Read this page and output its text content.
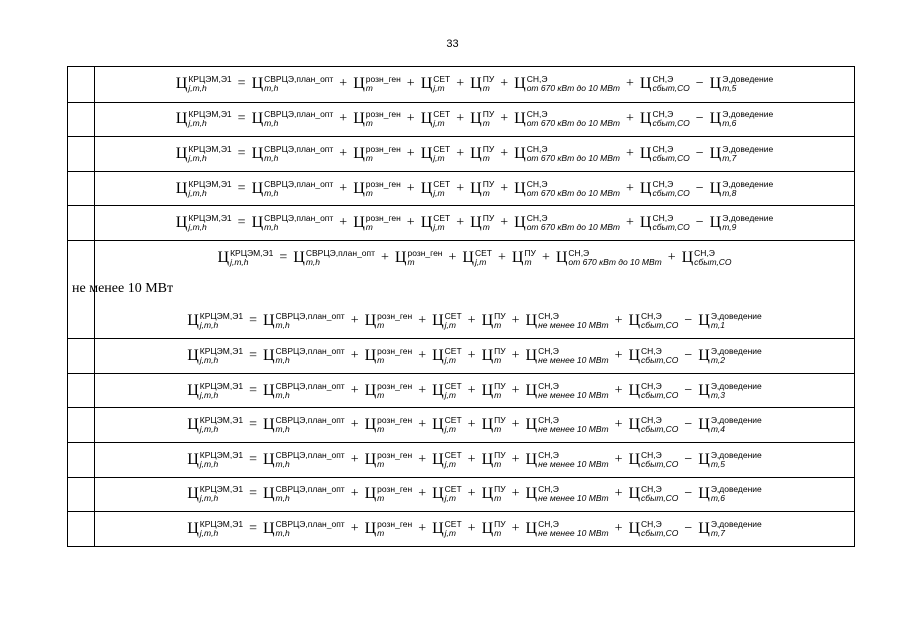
33
Ц КРЦЭМ,Э1
j,m,h	= Ц СВРЦЭ,план_опт
m,h	+ Ц розн_ген
m	+ Ц СЕТ
j,m + Ц ПУ
m + Ц СН,Э
от 670 кВт до 10 МВт + Ц СН,Э
сбыт,СО − Ц Э,доведение
m,5
Ц КРЦЭМ,Э1
j,m,h	= Ц СВРЦЭ,план_опт
m,h	+ Ц розн_ген
m	+ Ц СЕТ
j,m + Ц ПУ
m + Ц СН,Э
от 670 кВт до 10 МВт + Ц СН,Э
сбыт,СО − Ц Э,доведение
m,6
Ц КРЦЭМ,Э1
j,m,h	= Ц СВРЦЭ,план_опт
m,h	+ Ц розн_ген
m	+ Ц СЕТ
j,m + Ц ПУ
m + Ц СН,Э
от 670 кВт до 10 МВт + Ц СН,Э
сбыт,СО − Ц Э,доведение
m,7
Ц КРЦЭМ,Э1
j,m,h	= Ц СВРЦЭ,план_опт
m,h	+ Ц розн_ген
m	+ Ц СЕТ
j,m + Ц ПУ
m + Ц СН,Э
от 670 кВт до 10 МВт + Ц СН,Э
сбыт,СО − Ц Э,доведение
m,8
Ц КРЦЭМ,Э1
j,m,h	= Ц СВРЦЭ,план_опт
m,h	+ Ц розн_ген
m	+ Ц СЕТ
j,m + Ц ПУ
m + Ц СН,Э
от 670 кВт до 10 МВт + Ц СН,Э
сбыт,СО − Ц Э,доведение
m,9
Ц КРЦЭМ,Э1
j,m,h	= Ц СВРЦЭ,план_опт
m,h	+ Ц розн_ген
m	+ Ц СЕТ
j,m + Ц ПУ
m + Ц СН,Э
от 670 кВт до 10 МВт + Ц СН,Э
сбыт,СО
не менее 10 МВт
Ц КРЦЭМ,Э1
j,m,h	= Ц СВРЦЭ,план_опт
m,h	+ Ц розн_ген
m	+ Ц СЕТ
j,m + Ц ПУ
m + Ц СН,Э
не менее 10 МВт + Ц СН,Э
сбыт,СО − Ц Э,доведение
m,1
Ц КРЦЭМ,Э1
j,m,h	= Ц СВРЦЭ,план_опт
m,h	+ Ц розн_ген
m	+ Ц СЕТ
j,m + Ц ПУ
m + Ц СН,Э
не менее 10 МВт + Ц СН,Э
сбыт,СО − Ц Э,доведение
m,2
Ц КРЦЭМ,Э1
j,m,h	= Ц СВРЦЭ,план_опт
m,h	+ Ц розн_ген
m	+ Ц СЕТ
j,m + Ц ПУ
m + Ц СН,Э
не менее 10 МВт + Ц СН,Э
сбыт,СО − Ц Э,доведение
m,3
Ц КРЦЭМ,Э1
j,m,h	= Ц СВРЦЭ,план_опт
m,h	+ Ц розн_ген
m	+ Ц СЕТ
j,m + Ц ПУ
m + Ц СН,Э
не менее 10 МВт + Ц СН,Э
сбыт,СО − Ц Э,доведение
m,4
Ц КРЦЭМ,Э1
j,m,h	= Ц СВРЦЭ,план_опт
m,h	+ Ц розн_ген
m	+ Ц СЕТ
j,m + Ц ПУ
m + Ц СН,Э
не менее 10 МВт + Ц СН,Э
сбыт,СО − Ц Э,доведение
m,5
Ц КРЦЭМ,Э1
j,m,h	= Ц СВРЦЭ,план_опт
m,h	+ Ц розн_ген
m	+ Ц СЕТ
j,m + Ц ПУ
m + Ц СН,Э
не менее 10 МВт + Ц СН,Э
сбыт,СО − Ц Э,доведение
m,6
Ц КРЦЭМ,Э1
j,m,h	= Ц СВРЦЭ,план_опт
m,h	+ Ц розн_ген
m	+ Ц СЕТ
j,m + Ц ПУ
m + Ц СН,Э
не менее 10 МВт + Ц СН,Э
сбыт,СО − Ц Э,доведение
m,7
